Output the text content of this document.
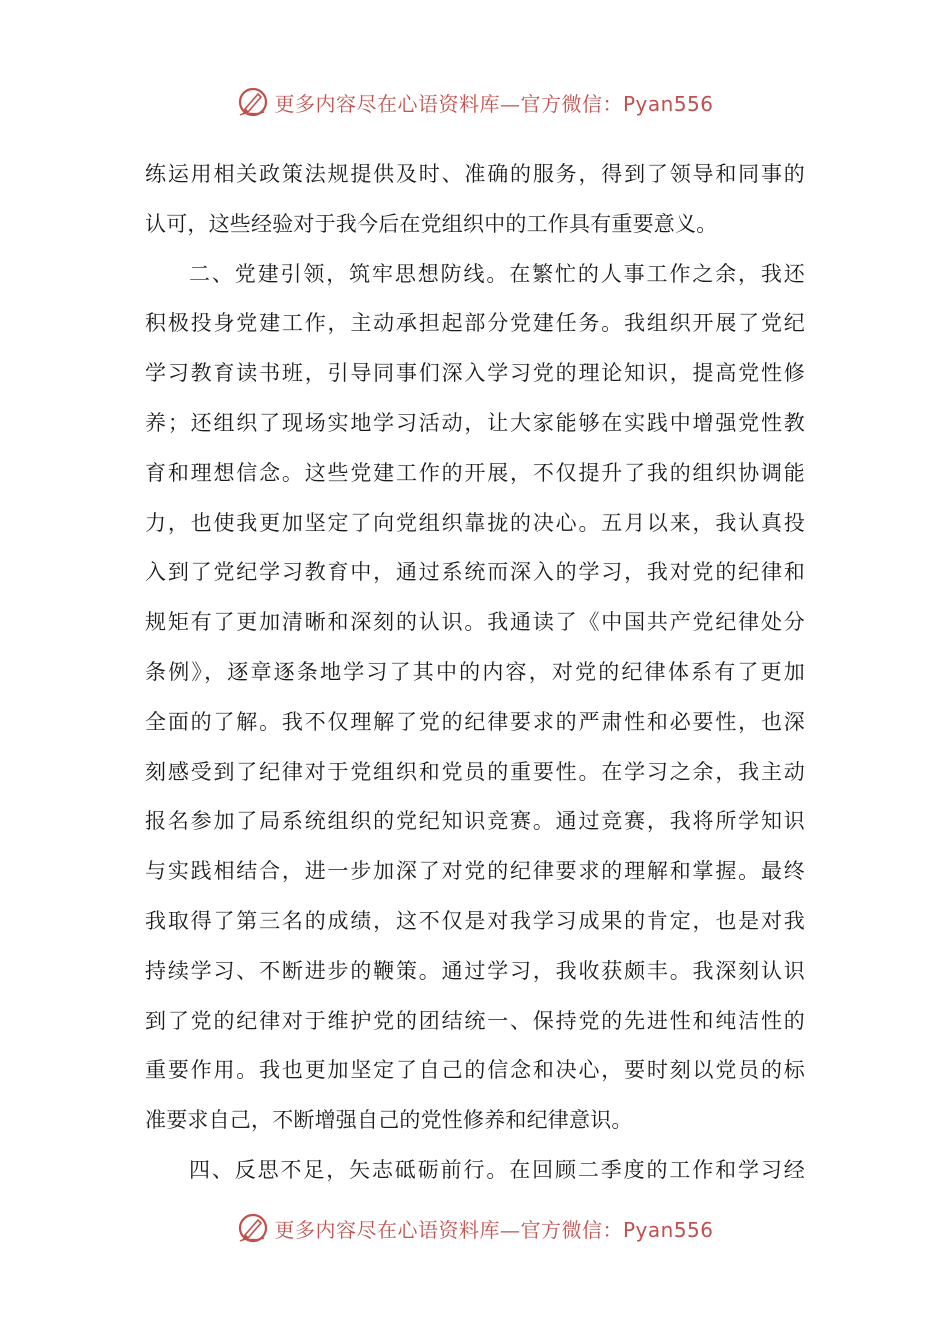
更多内容尽在心语资料库—官方微信：Pyan556
练运用相关政策法规提供及时、准确的服务，得到了领导和同事的
认可，这些经验对于我今后在党组织中的工作具有重要意义。
二、党建引领，筑牢思想防线。在繁忙的人事工作之余，我还
积极投身党建工作，主动承担起部分党建任务。我组织开展了党纪
学习教育读书班，引导同事们深入学习党的理论知识，提高党性修
养；还组织了现场实地学习活动，让大家能够在实践中增强党性教
育和理想信念。这些党建工作的开展，不仅提升了我的组织协调能
力，也使我更加坚定了向党组织靠拢的决心。五月以来，我认真投
入到了党纪学习教育中，通过系统而深入的学习，我对党的纪律和
规矩有了更加清晰和深刻的认识。我通读了《中国共产党纪律处分
条例》，逐章逐条地学习了其中的内容，对党的纪律体系有了更加
全面的了解。我不仅理解了党的纪律要求的严肃性和必要性，也深
刻感受到了纪律对于党组织和党员的重要性。在学习之余，我主动
报名参加了局系统组织的党纪知识竞赛。通过竞赛，我将所学知识
与实践相结合，进一步加深了对党的纪律要求的理解和掌握。最终
我取得了第三名的成绩，这不仅是对我学习成果的肯定，也是对我
持续学习、不断进步的鞭策。通过学习，我收获颇丰。我深刻认识
到了党的纪律对于维护党的团结统一、保持党的先进性和纯洁性的
重要作用。我也更加坚定了自己的信念和决心，要时刻以党员的标
准要求自己，不断增强自己的党性修养和纪律意识。
四、反思不足，矢志砥砺前行。在回顾二季度的工作和学习经
更多内容尽在心语资料库—官方微信：Pyan556
